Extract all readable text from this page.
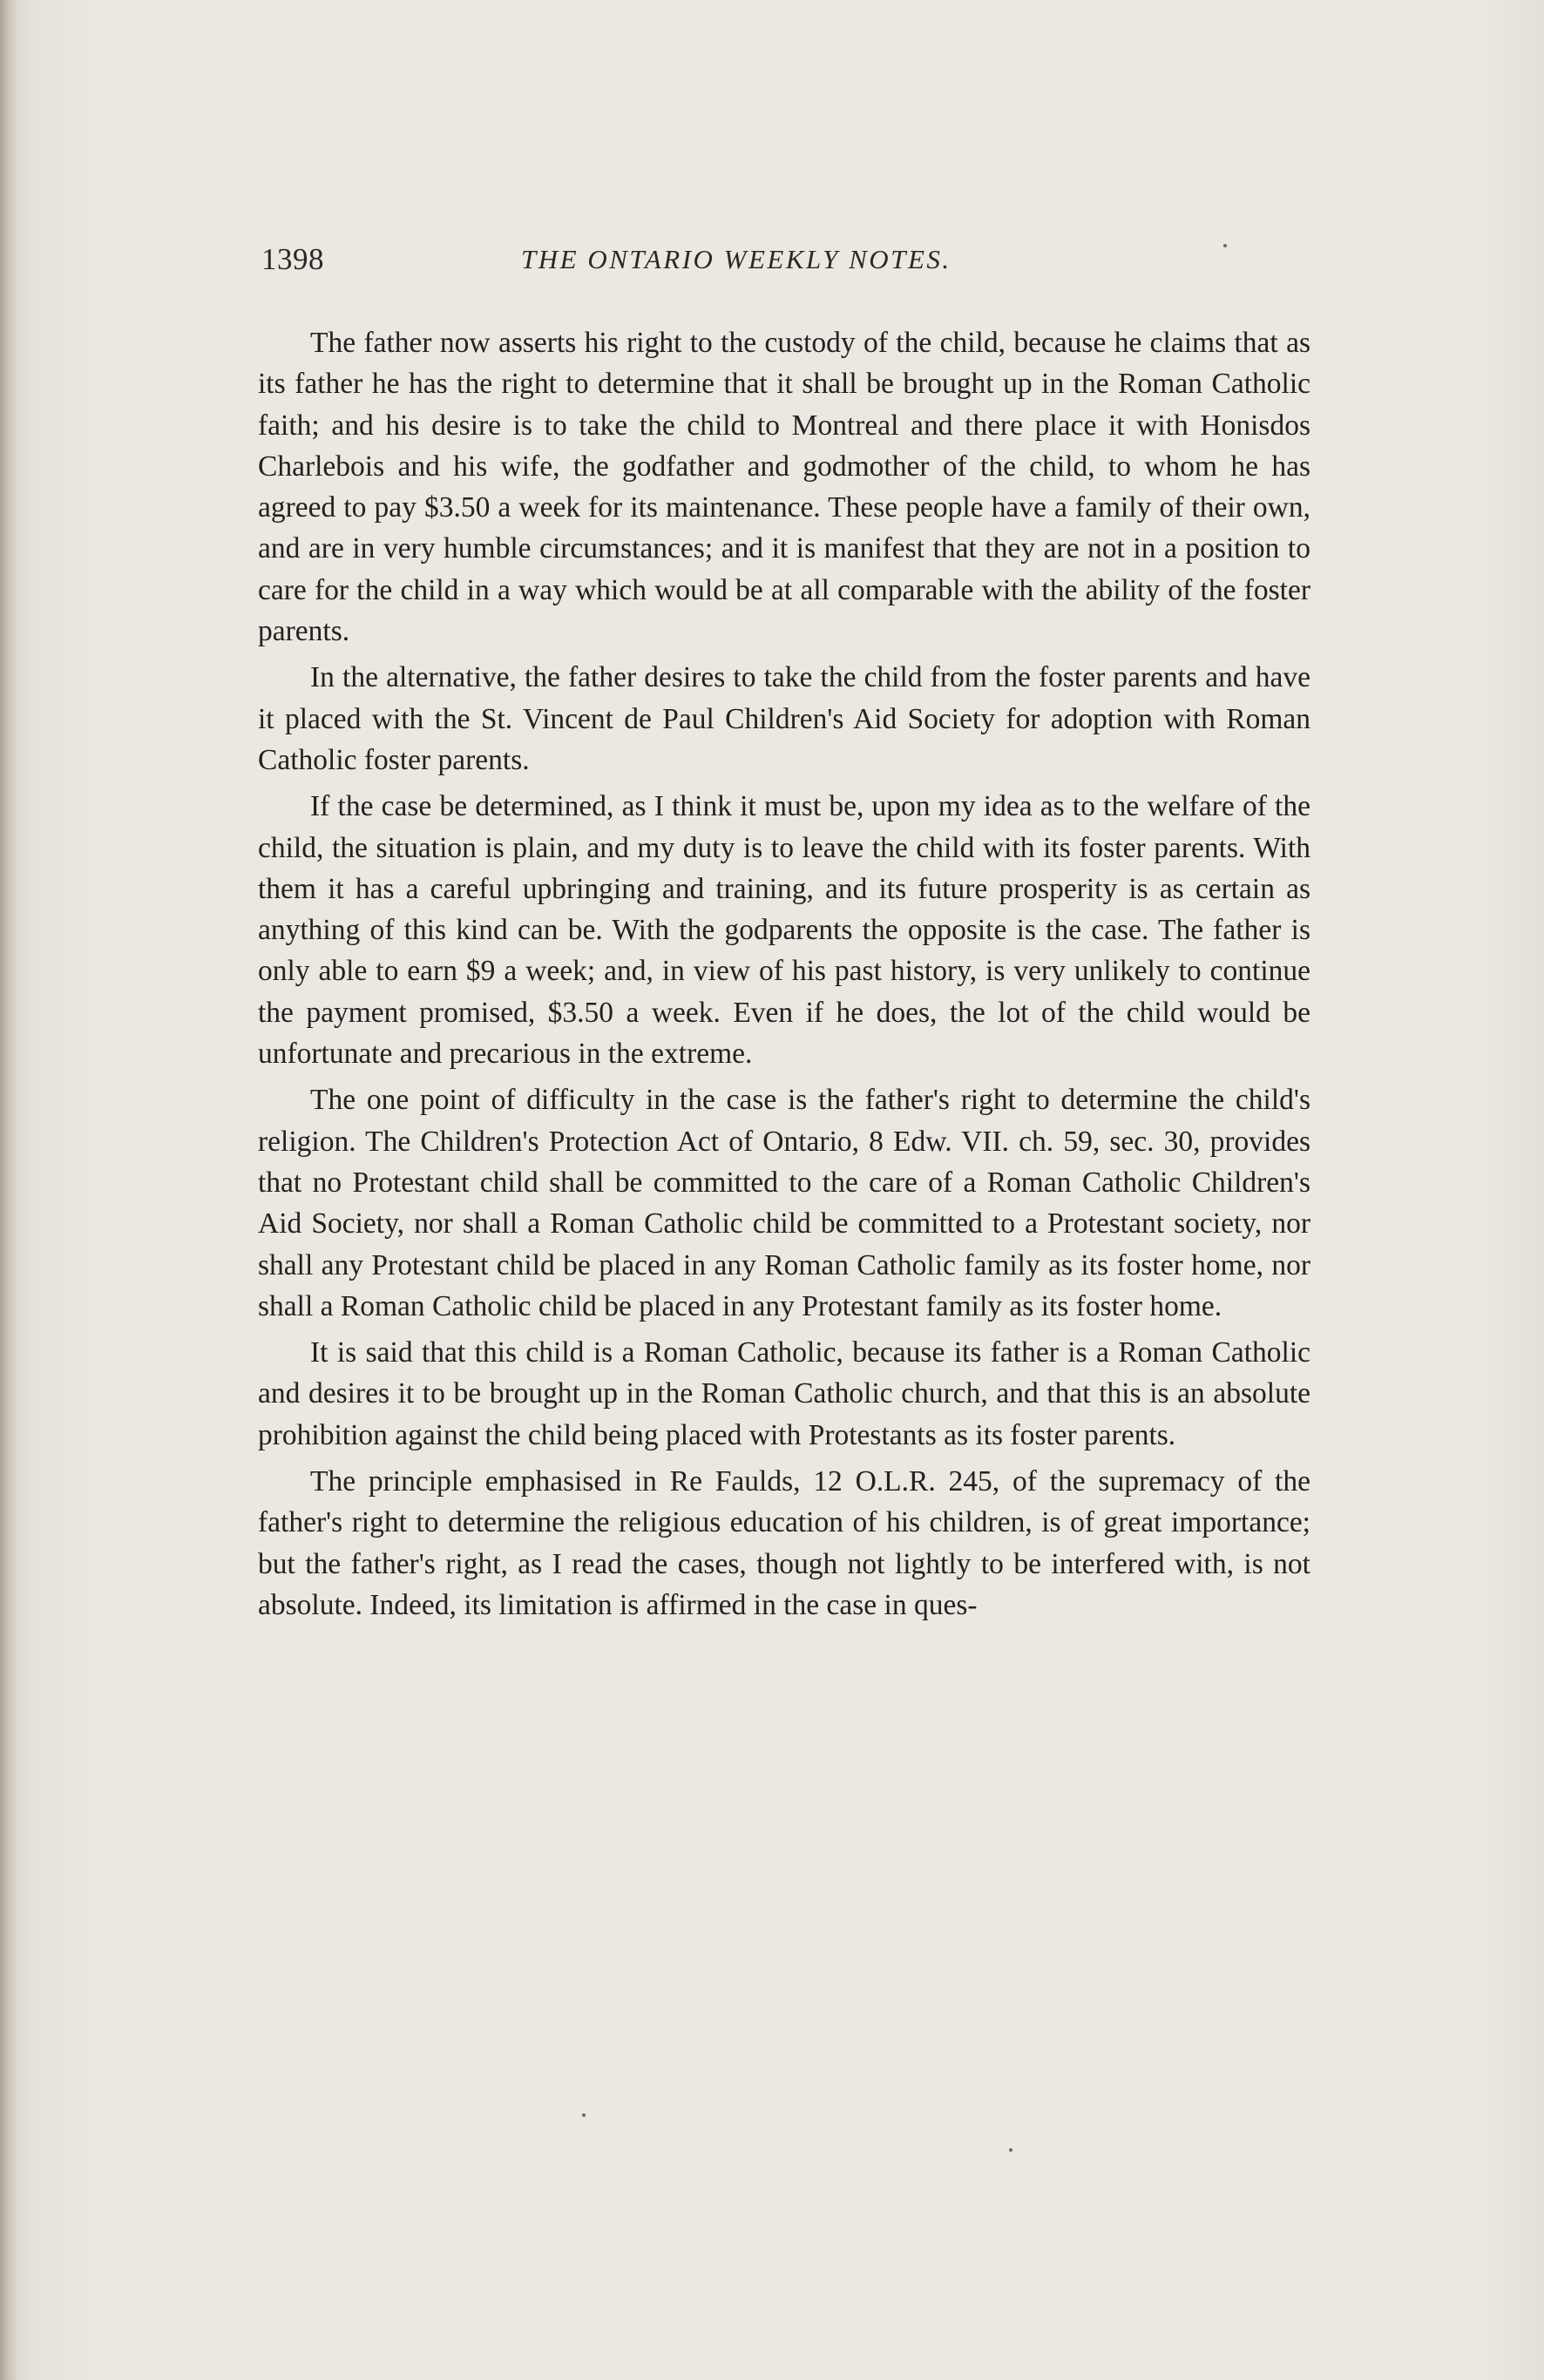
1398	THE ONTARIO WEEKLY NOTES.

The father now asserts his right to the custody of the child, because he claims that as its father he has the right to determine that it shall be brought up in the Roman Catholic faith; and his desire is to take the child to Montreal and there place it with Honisdos Charlebois and his wife, the godfather and godmother of the child, to whom he has agreed to pay $3.50 a week for its maintenance. These people have a family of their own, and are in very humble circumstances; and it is manifest that they are not in a position to care for the child in a way which would be at all comparable with the ability of the foster parents.

In the alternative, the father desires to take the child from the foster parents and have it placed with the St. Vincent de Paul Children's Aid Society for adoption with Roman Catholic foster parents.

If the case be determined, as I think it must be, upon my idea as to the welfare of the child, the situation is plain, and my duty is to leave the child with its foster parents. With them it has a careful upbringing and training, and its future prosperity is as certain as anything of this kind can be. With the godparents the opposite is the case. The father is only able to earn $9 a week; and, in view of his past history, is very unlikely to continue the payment promised, $3.50 a week. Even if he does, the lot of the child would be unfortunate and precarious in the extreme.

The one point of difficulty in the case is the father's right to determine the child's religion. The Children's Protection Act of Ontario, 8 Edw. VII. ch. 59, sec. 30, provides that no Protestant child shall be committed to the care of a Roman Catholic Children's Aid Society, nor shall a Roman Catholic child be committed to a Protestant society, nor shall any Protestant child be placed in any Roman Catholic family as its foster home, nor shall a Roman Catholic child be placed in any Protestant family as its foster home.

It is said that this child is a Roman Catholic, because its father is a Roman Catholic and desires it to be brought up in the Roman Catholic church, and that this is an absolute prohibition against the child being placed with Protestants as its foster parents.

The principle emphasised in Re Faulds, 12 O.L.R. 245, of the supremacy of the father's right to determine the religious education of his children, is of great importance; but the father's right, as I read the cases, though not lightly to be interfered with, is not absolute. Indeed, its limitation is affirmed in the case in ques-
